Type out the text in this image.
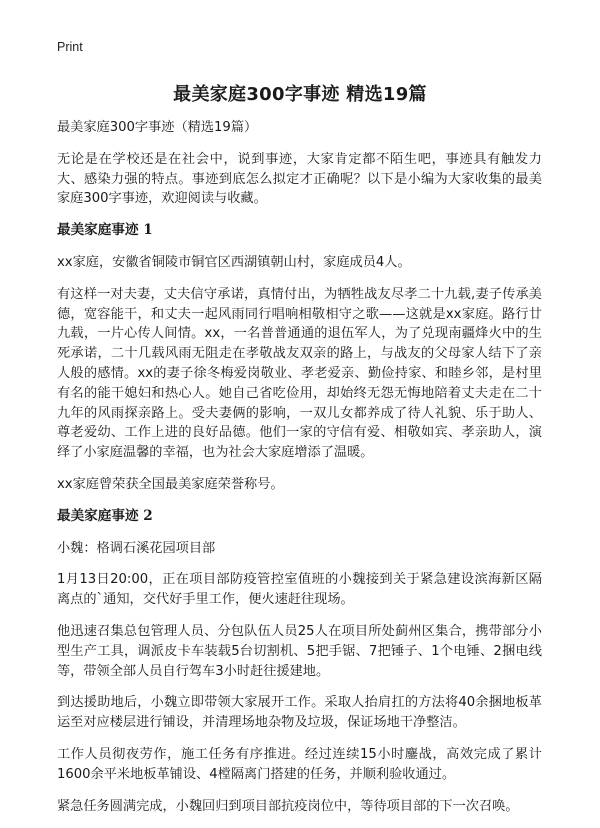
Print
最美家庭300字事迹 精选19篇

最美家庭300字事迹（精选19篇）

无论是在学校还是在社会中，说到事迹，大家肯定都不陌生吧，事迹具有触发力大、感染力强的特点。事迹到底怎么拟定才正确呢？以下是小编为大家收集的最美家庭300字事迹，欢迎阅读与收藏。

最美家庭事迹 1

xx家庭，安徽省铜陵市铜官区西湖镇朝山村，家庭成员4人。

有这样一对夫妻，丈夫信守承诺，真情付出，为牺牲战友尽孝二十九载,妻子传承美德，宽容能干，和丈夫一起风雨同行唱响相敬相守之歌——这就是xx家庭。路行廿九载，一片心传人间情。xx，一名普普通通的退伍军人，为了兑现南疆烽火中的生死承诺，二十几载风雨无阻走在孝敬战友双亲的路上，与战友的父母家人结下了亲人般的感情。xx的妻子徐冬梅爱岗敬业、孝老爱亲、勤俭持家、和睦乡邻，是村里有名的能干媳妇和热心人。她自己省吃俭用，却始终无怨无悔地陪着丈夫走在二十九年的风雨探亲路上。受夫妻俩的影响，一双儿女都养成了待人礼貌、乐于助人、尊老爱幼、工作上进的良好品德。他们一家的守信有爱、相敬如宾、孝亲助人，演绎了小家庭温馨的幸福，也为社会大家庭增添了温暖。

xx家庭曾荣获全国最美家庭荣誉称号。

最美家庭事迹 2

小魏：格调石溪花园项目部

1月13日20:00，正在项目部防疫管控室值班的小魏接到关于紧急建设滨海新区隔离点的`通知，交代好手里工作，便火速赶往现场。

他迅速召集总包管理人员、分包队伍人员25人在项目所处蓟州区集合，携带部分小型生产工具，调派皮卡车装载5台切割机、5把手锯、7把锤子、1个电锤、2捆电线等，带领全部人员自行驾车3小时赶往援建地。

到达援助地后，小魏立即带领大家展开工作。采取人抬肩扛的方法将40余捆地板革运至对应楼层进行铺设，并清理场地杂物及垃圾，保证场地干净整洁。

工作人员彻夜劳作，施工任务有序推进。经过连续15小时鏖战，高效完成了累计1600余平米地板革铺设、4樘隔离门搭建的任务，并顺利验收通过。

紧急任务圆满完成，小魏回归到项目部抗疫岗位中，等待项目部的下一次召唤。
